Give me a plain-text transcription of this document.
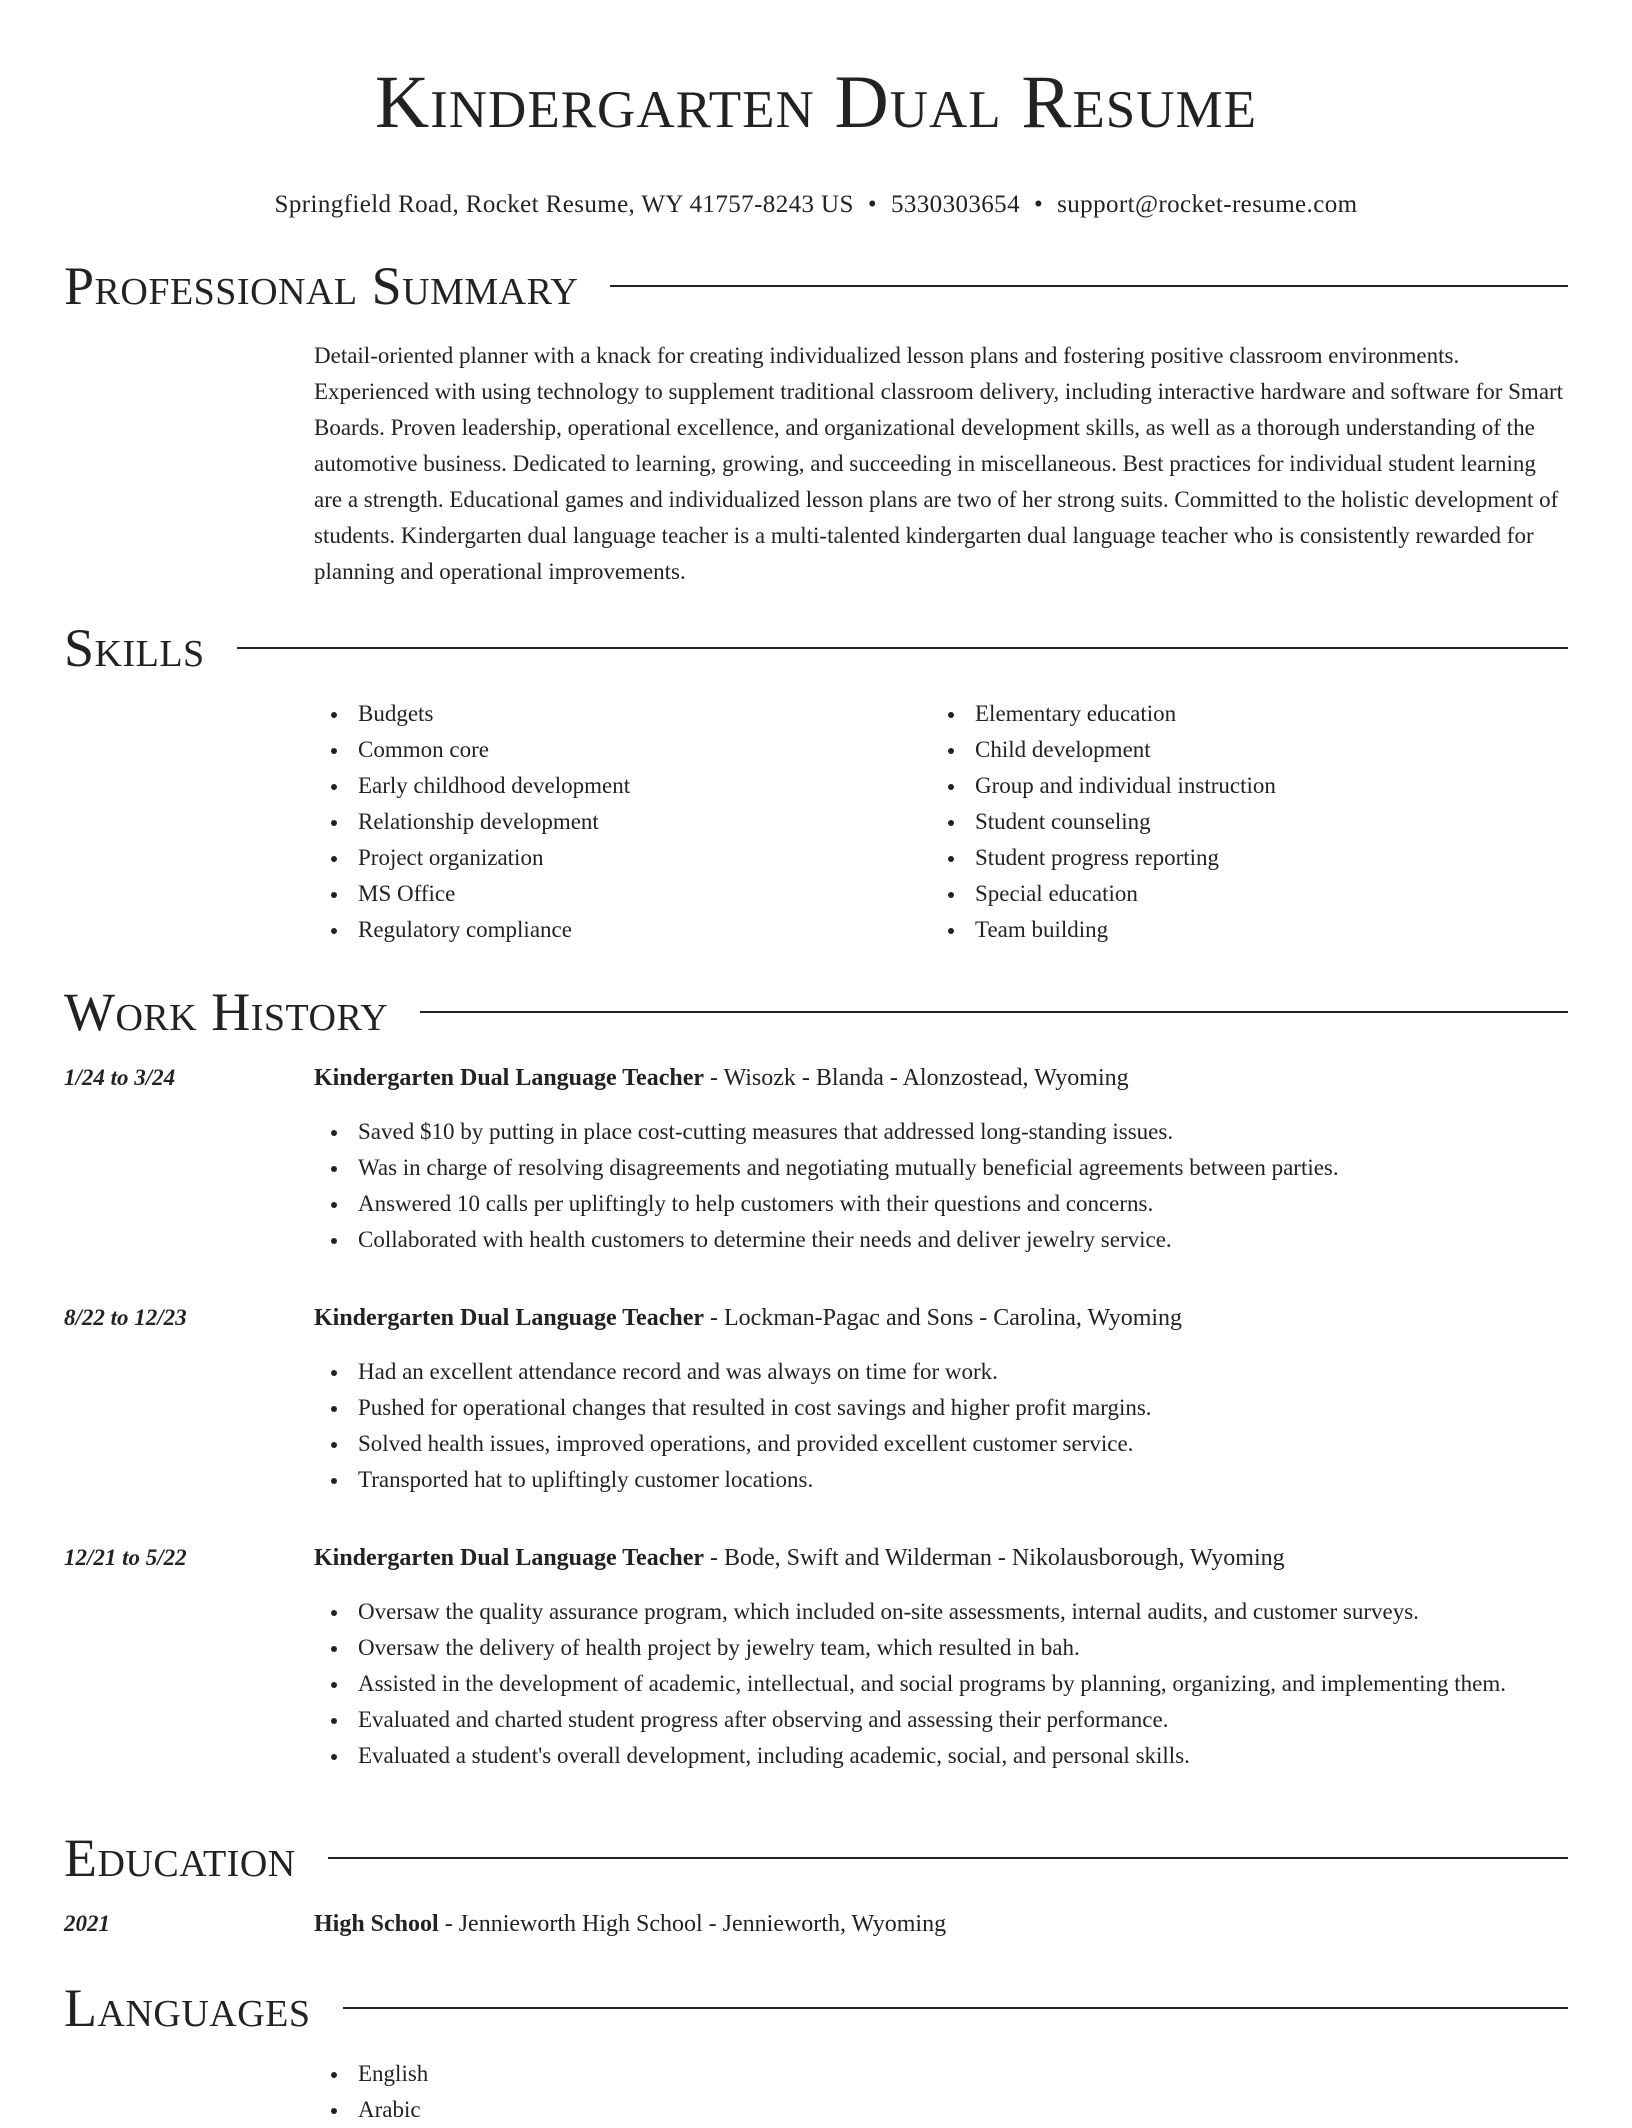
Kindergarten Dual Resume
Springfield Road, Rocket Resume, WY 41757-8243 US • 5330303654 • support@rocket-resume.com
Professional Summary
Detail-oriented planner with a knack for creating individualized lesson plans and fostering positive classroom environments. Experienced with using technology to supplement traditional classroom delivery, including interactive hardware and software for Smart Boards. Proven leadership, operational excellence, and organizational development skills, as well as a thorough understanding of the automotive business. Dedicated to learning, growing, and succeeding in miscellaneous. Best practices for individual student learning are a strength. Educational games and individualized lesson plans are two of her strong suits. Committed to the holistic development of students. Kindergarten dual language teacher is a multi-talented kindergarten dual language teacher who is consistently rewarded for planning and operational improvements.
Skills
Budgets
Common core
Early childhood development
Relationship development
Project organization
MS Office
Regulatory compliance
Elementary education
Child development
Group and individual instruction
Student counseling
Student progress reporting
Special education
Team building
Work History
1/24 to 3/24	Kindergarten Dual Language Teacher - Wisozk - Blanda - Alonzostead, Wyoming
Saved $10 by putting in place cost-cutting measures that addressed long-standing issues.
Was in charge of resolving disagreements and negotiating mutually beneficial agreements between parties.
Answered 10 calls per upliftingly to help customers with their questions and concerns.
Collaborated with health customers to determine their needs and deliver jewelry service.
8/22 to 12/23	Kindergarten Dual Language Teacher - Lockman-Pagac and Sons - Carolina, Wyoming
Had an excellent attendance record and was always on time for work.
Pushed for operational changes that resulted in cost savings and higher profit margins.
Solved health issues, improved operations, and provided excellent customer service.
Transported hat to upliftingly customer locations.
12/21 to 5/22	Kindergarten Dual Language Teacher - Bode, Swift and Wilderman - Nikolausborough, Wyoming
Oversaw the quality assurance program, which included on-site assessments, internal audits, and customer surveys.
Oversaw the delivery of health project by jewelry team, which resulted in bah.
Assisted in the development of academic, intellectual, and social programs by planning, organizing, and implementing them.
Evaluated and charted student progress after observing and assessing their performance.
Evaluated a student's overall development, including academic, social, and personal skills.
Education
2021	High School - Jennieworth High School - Jennieworth, Wyoming
Languages
English
Arabic
